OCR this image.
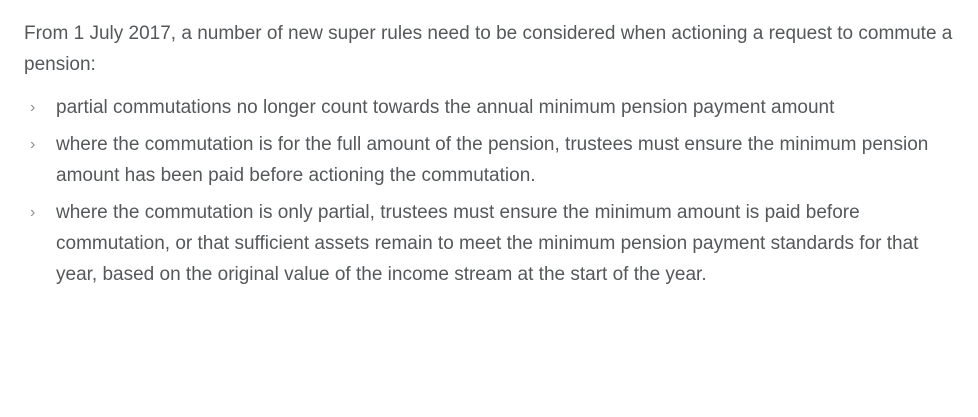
From 1 July 2017, a number of new super rules need to be considered when actioning a request to commute a pension:

›	partial commutations no longer count towards the annual minimum pension payment amount
›	where the commutation is for the full amount of the pension, trustees must ensure the minimum pension amount has been paid before actioning the commutation.
›	where the commutation is only partial, trustees must ensure the minimum amount is paid before commutation, or that sufficient assets remain to meet the minimum pension payment standards for that year, based on the original value of the income stream at the start of the year.
